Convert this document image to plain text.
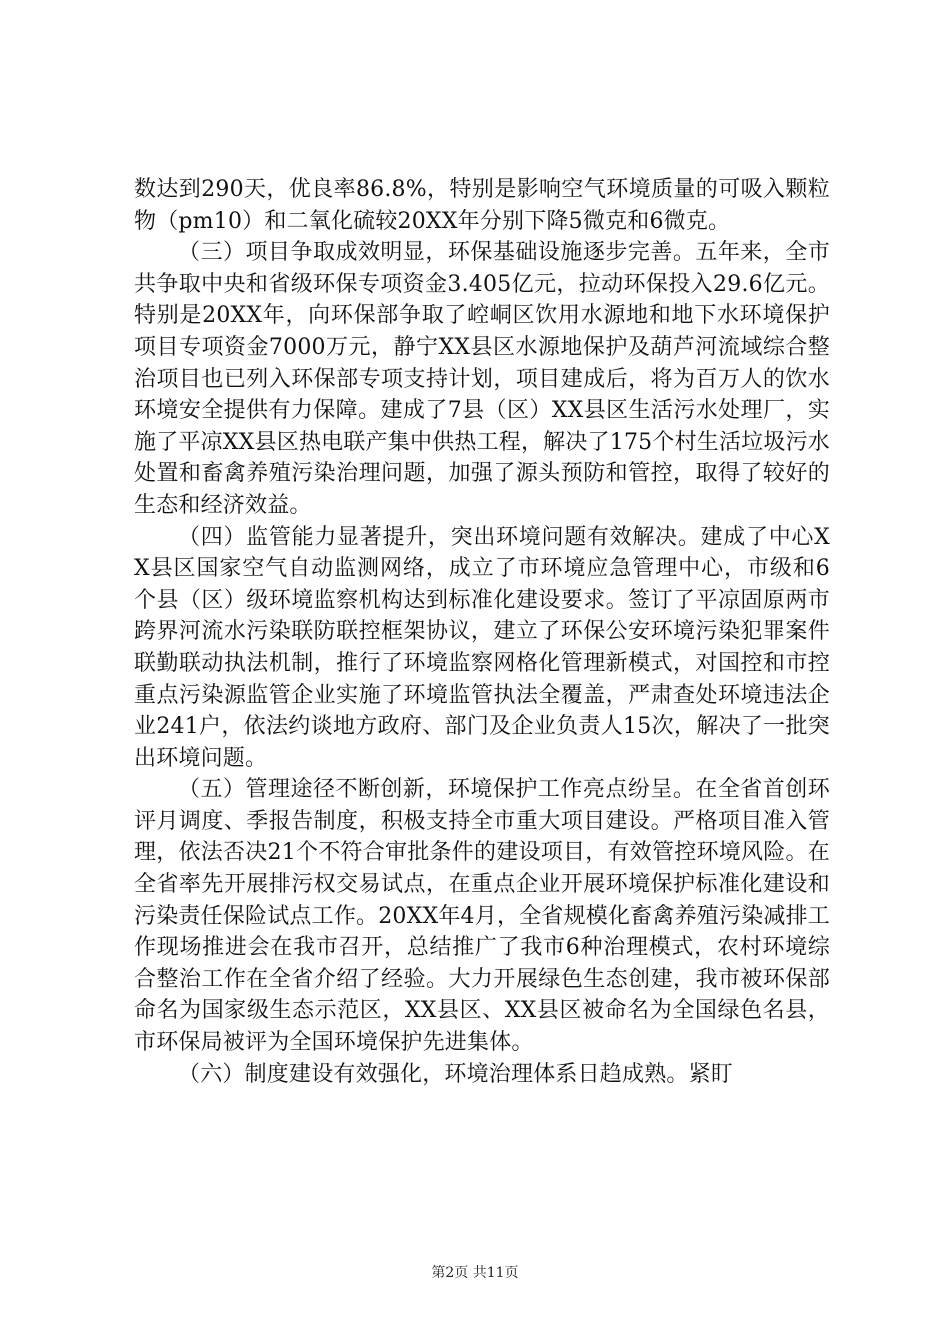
数达到290天，优良率86.8%，特别是影响空气环境质量的可吸入颗粒物（pm10）和二氧化硫较20XX年分别下降5微克和6微克。

（三）项目争取成效明显，环保基础设施逐步完善。五年来，全市共争取中央和省级环保专项资金3.405亿元，拉动环保投入29.6亿元。特别是20XX年，向环保部争取了崆峒区饮用水源地和地下水环境保护项目专项资金7000万元，静宁XX县区水源地保护及葫芦河流域综合整治项目也已列入环保部专项支持计划，项目建成后，将为百万人的饮水环境安全提供有力保障。建成了7县（区）XX县区生活污水处理厂，实施了平凉XX县区热电联产集中供热工程，解决了175个村生活垃圾污水处置和畜禽养殖污染治理问题，加强了源头预防和管控，取得了较好的生态和经济效益。

（四）监管能力显著提升，突出环境问题有效解决。建成了中心XX县区国家空气自动监测网络，成立了市环境应急管理中心，市级和6个县（区）级环境监察机构达到标准化建设要求。签订了平凉固原两市跨界河流水污染联防联控框架协议，建立了环保公安环境污染犯罪案件联勤联动执法机制，推行了环境监察网格化管理新模式，对国控和市控重点污染源监管企业实施了环境监管执法全覆盖，严肃查处环境违法企业241户，依法约谈地方政府、部门及企业负责人15次，解决了一批突出环境问题。

（五）管理途径不断创新，环境保护工作亮点纷呈。在全省首创环评月调度、季报告制度，积极支持全市重大项目建设。严格项目准入管理，依法否决21个不符合审批条件的建设项目，有效管控环境风险。在全省率先开展排污权交易试点，在重点企业开展环境保护标准化建设和污染责任保险试点工作。20XX年4月，全省规模化畜禽养殖污染减排工作现场推进会在我市召开，总结推广了我市6种治理模式，农村环境综合整治工作在全省介绍了经验。大力开展绿色生态创建，我市被环保部命名为国家级生态示范区，XX县区、XX县区被命名为全国绿色名县，市环保局被评为全国环境保护先进集体。

（六）制度建设有效强化，环境治理体系日趋成熟。紧盯

第2页 共11页
